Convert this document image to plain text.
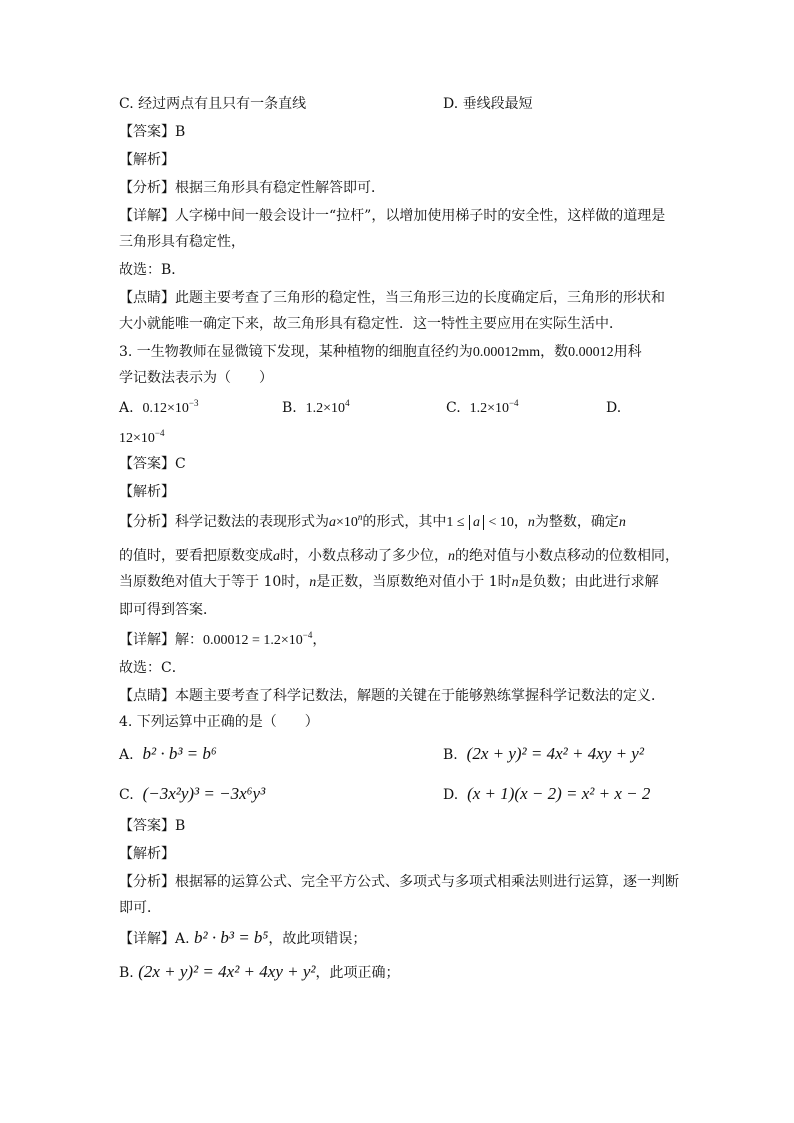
C. 经过两点有且只有一条直线	D. 垂线段最短
【答案】B
【解析】
【分析】根据三角形具有稳定性解答即可．
【详解】人字梯中间一般会设计一“拉杆”，以增加使用梯子时的安全性，这样做的道理是
三角形具有稳定性，
故选：B．
【点睛】此题主要考查了三角形的稳定性，当三角形三边的长度确定后，三角形的形状和
大小就能唯一确定下来，故三角形具有稳定性．这一特性主要应用在实际生活中．
3. 一生物教师在显微镜下发现，某种植物的细胞直径约为0.00012mm，数0.00012用科
学记数法表示为（　　）
A. $0.12\times 10^{-3}$	B. $1.2\times 10^4$	C. $1.2\times 10^{-4}$	D.
$12\times 10^{-4}$
【答案】C
【解析】
【分析】科学记数法的表现形式为$a\times 10^n$的形式，其中1 ≤ a < 10，n为整数，确定n
的值时，要看把原数变成a时，小数点移动了多少位，n的绝对值与小数点移动的位数相同，
当原数绝对值大于等于 10时，n是正数，当原数绝对值小于 1时n是负数；由此进行求解
即可得到答案．
【详解】解：$0.00012 = 1.2\times 10^{-4}$，
故选：C．
【点睛】本题主要考查了科学记数法，解题的关键在于能够熟练掌握科学记数法的定义．
4. 下列运算中正确的是（　　）
A. b² · b³ = b⁶	B. (2x + y)² = 4x² + 4xy + y²
C. (−3x²y)³ = −3x⁶y³	D. (x + 1)(x − 2) = x² + x − 2
【答案】B
【解析】
【分析】根据幂的运算公式、完全平方公式、多项式与多项式相乘法则进行运算，逐一判断
即可．
【详解】A. b² · b³ = b⁵，故此项错误；
B. (2x + y)² = 4x² + 4xy + y²，此项正确；
